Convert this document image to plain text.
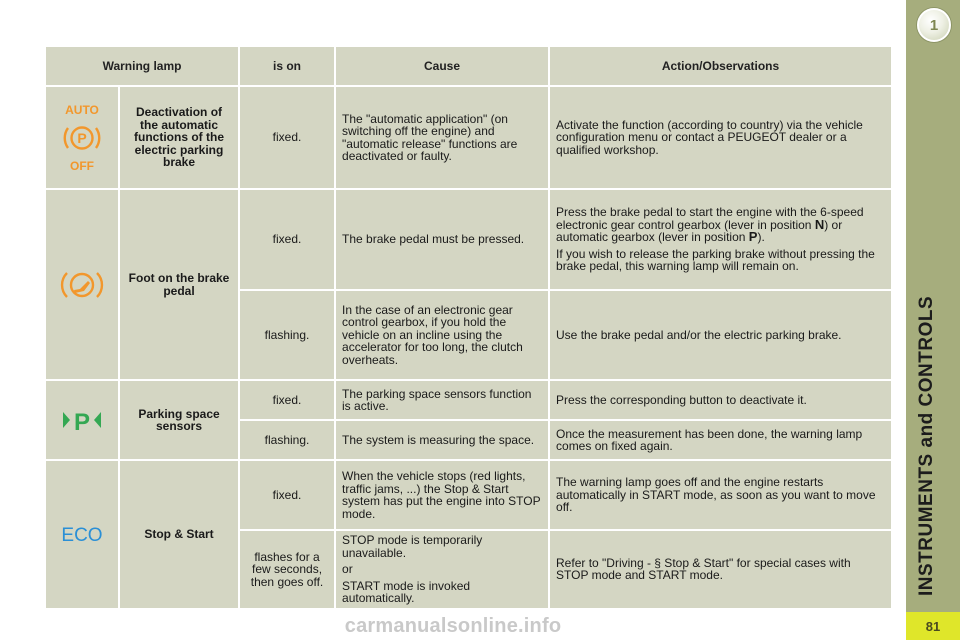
1
INSTRUMENTS and CONTROLS
81
carmanualsonline.info
Warning lamp		is on	Cause	Action/Observations

AUTO
P
OFF	Deactivation of the automatic functions of the electric parking brake	fixed.	The "automatic application" (on switching off the engine) and "automatic release" functions are deactivated or faulty.	Activate the function (according to country) via the vehicle configuration menu or contact a PEUGEOT dealer or a qualified workshop.

	Foot on the brake pedal	fixed.	The brake pedal must be pressed.	Press the brake pedal to start the engine with the 6-speed electronic gear control gearbox (lever in position N) or automatic gearbox (lever in position P).

If you wish to release the parking brake without pressing the brake pedal, this warning lamp will remain on.

		flashing.	In the case of an electronic gear control gearbox, if you hold the vehicle on an incline using the accelerator for too long, the clutch overheats.	Use the brake pedal and/or the electric parking brake.

P	Parking space sensors	fixed.	The parking space sensors function is active.	Press the corresponding button to deactivate it.
		flashing.	The system is measuring the space.	Once the measurement has been done, the warning lamp comes on fixed again.

ECO	Stop & Start	fixed.	When the vehicle stops (red lights, traffic jams, ...) the Stop & Start system has put the engine into STOP mode.	The warning lamp goes off and the engine restarts automatically in START mode, as soon as you want to move off.
		flashes for a few seconds, then goes off.	STOP mode is temporarily unavailable.

or

START mode is invoked automatically.	Refer to "Driving - § Stop & Start" for special cases with STOP mode and START mode.
